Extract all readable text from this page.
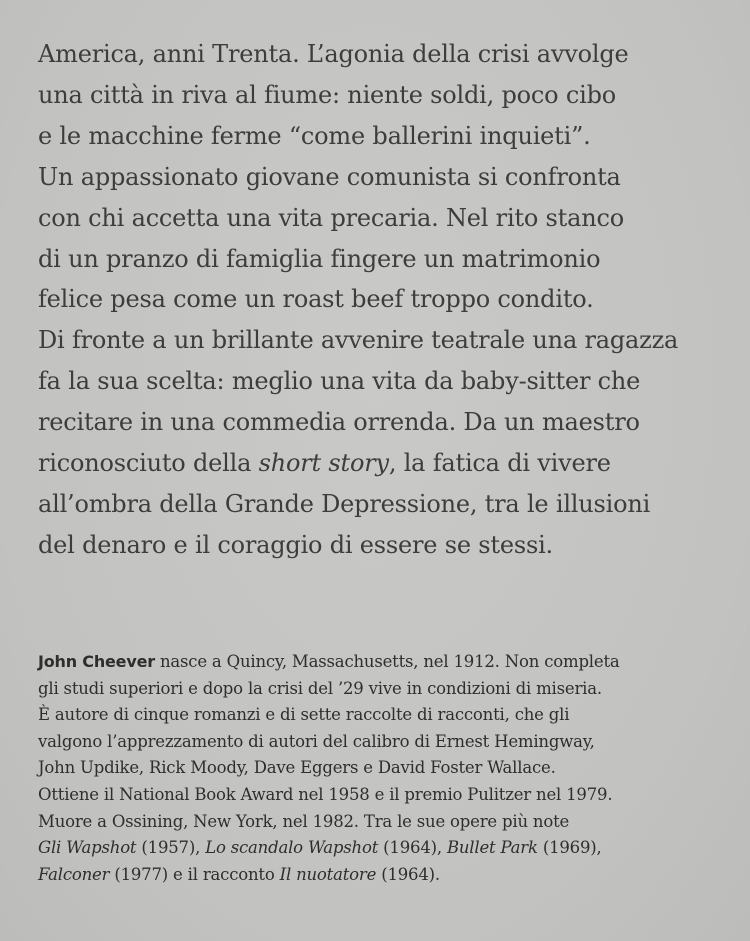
America, anni Trenta. L’agonia della crisi avvolge
una città in riva al fiume: niente soldi, poco cibo
e le macchine ferme “come ballerini inquieti”.
Un appassionato giovane comunista si confronta
con chi accetta una vita precaria. Nel rito stanco
di un pranzo di famiglia fingere un matrimonio
felice pesa come un roast beef troppo condito.
Di fronte a un brillante avvenire teatrale una ragazza
fa la sua scelta: meglio una vita da baby-sitter che
recitare in una commedia orrenda. Da un maestro
riconosciuto della short story, la fatica di vivere
all’ombra della Grande Depressione, tra le illusioni
del denaro e il coraggio di essere se stessi.
John Cheever nasce a Quincy, Massachusetts, nel 1912. Non completa
gli studi superiori e dopo la crisi del ’29 vive in condizioni di miseria.
È autore di cinque romanzi e di sette raccolte di racconti, che gli
valgono l’apprezzamento di autori del calibro di Ernest Hemingway,
John Updike, Rick Moody, Dave Eggers e David Foster Wallace.
Ottiene il National Book Award nel 1958 e il premio Pulitzer nel 1979.
Muore a Ossining, New York, nel 1982. Tra le sue opere più note
Gli Wapshot (1957), Lo scandalo Wapshot (1964), Bullet Park (1969),
Falconer (1977) e il racconto Il nuotatore (1964).
